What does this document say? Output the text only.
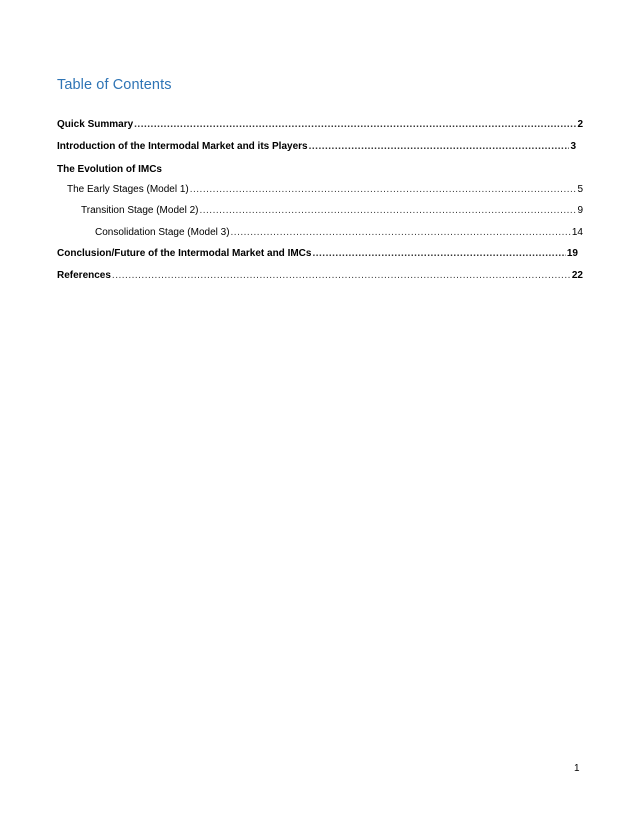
Table of Contents
Quick Summary .....	2
Introduction of the Intermodal Market and its Players .....	3
The Evolution of IMCs
The Early Stages (Model 1) .....	5
Transition Stage (Model 2) .....	9
Consolidation Stage (Model 3) .....	14
Conclusion/Future of the Intermodal Market and IMCs .....	19
References .....	22
1
